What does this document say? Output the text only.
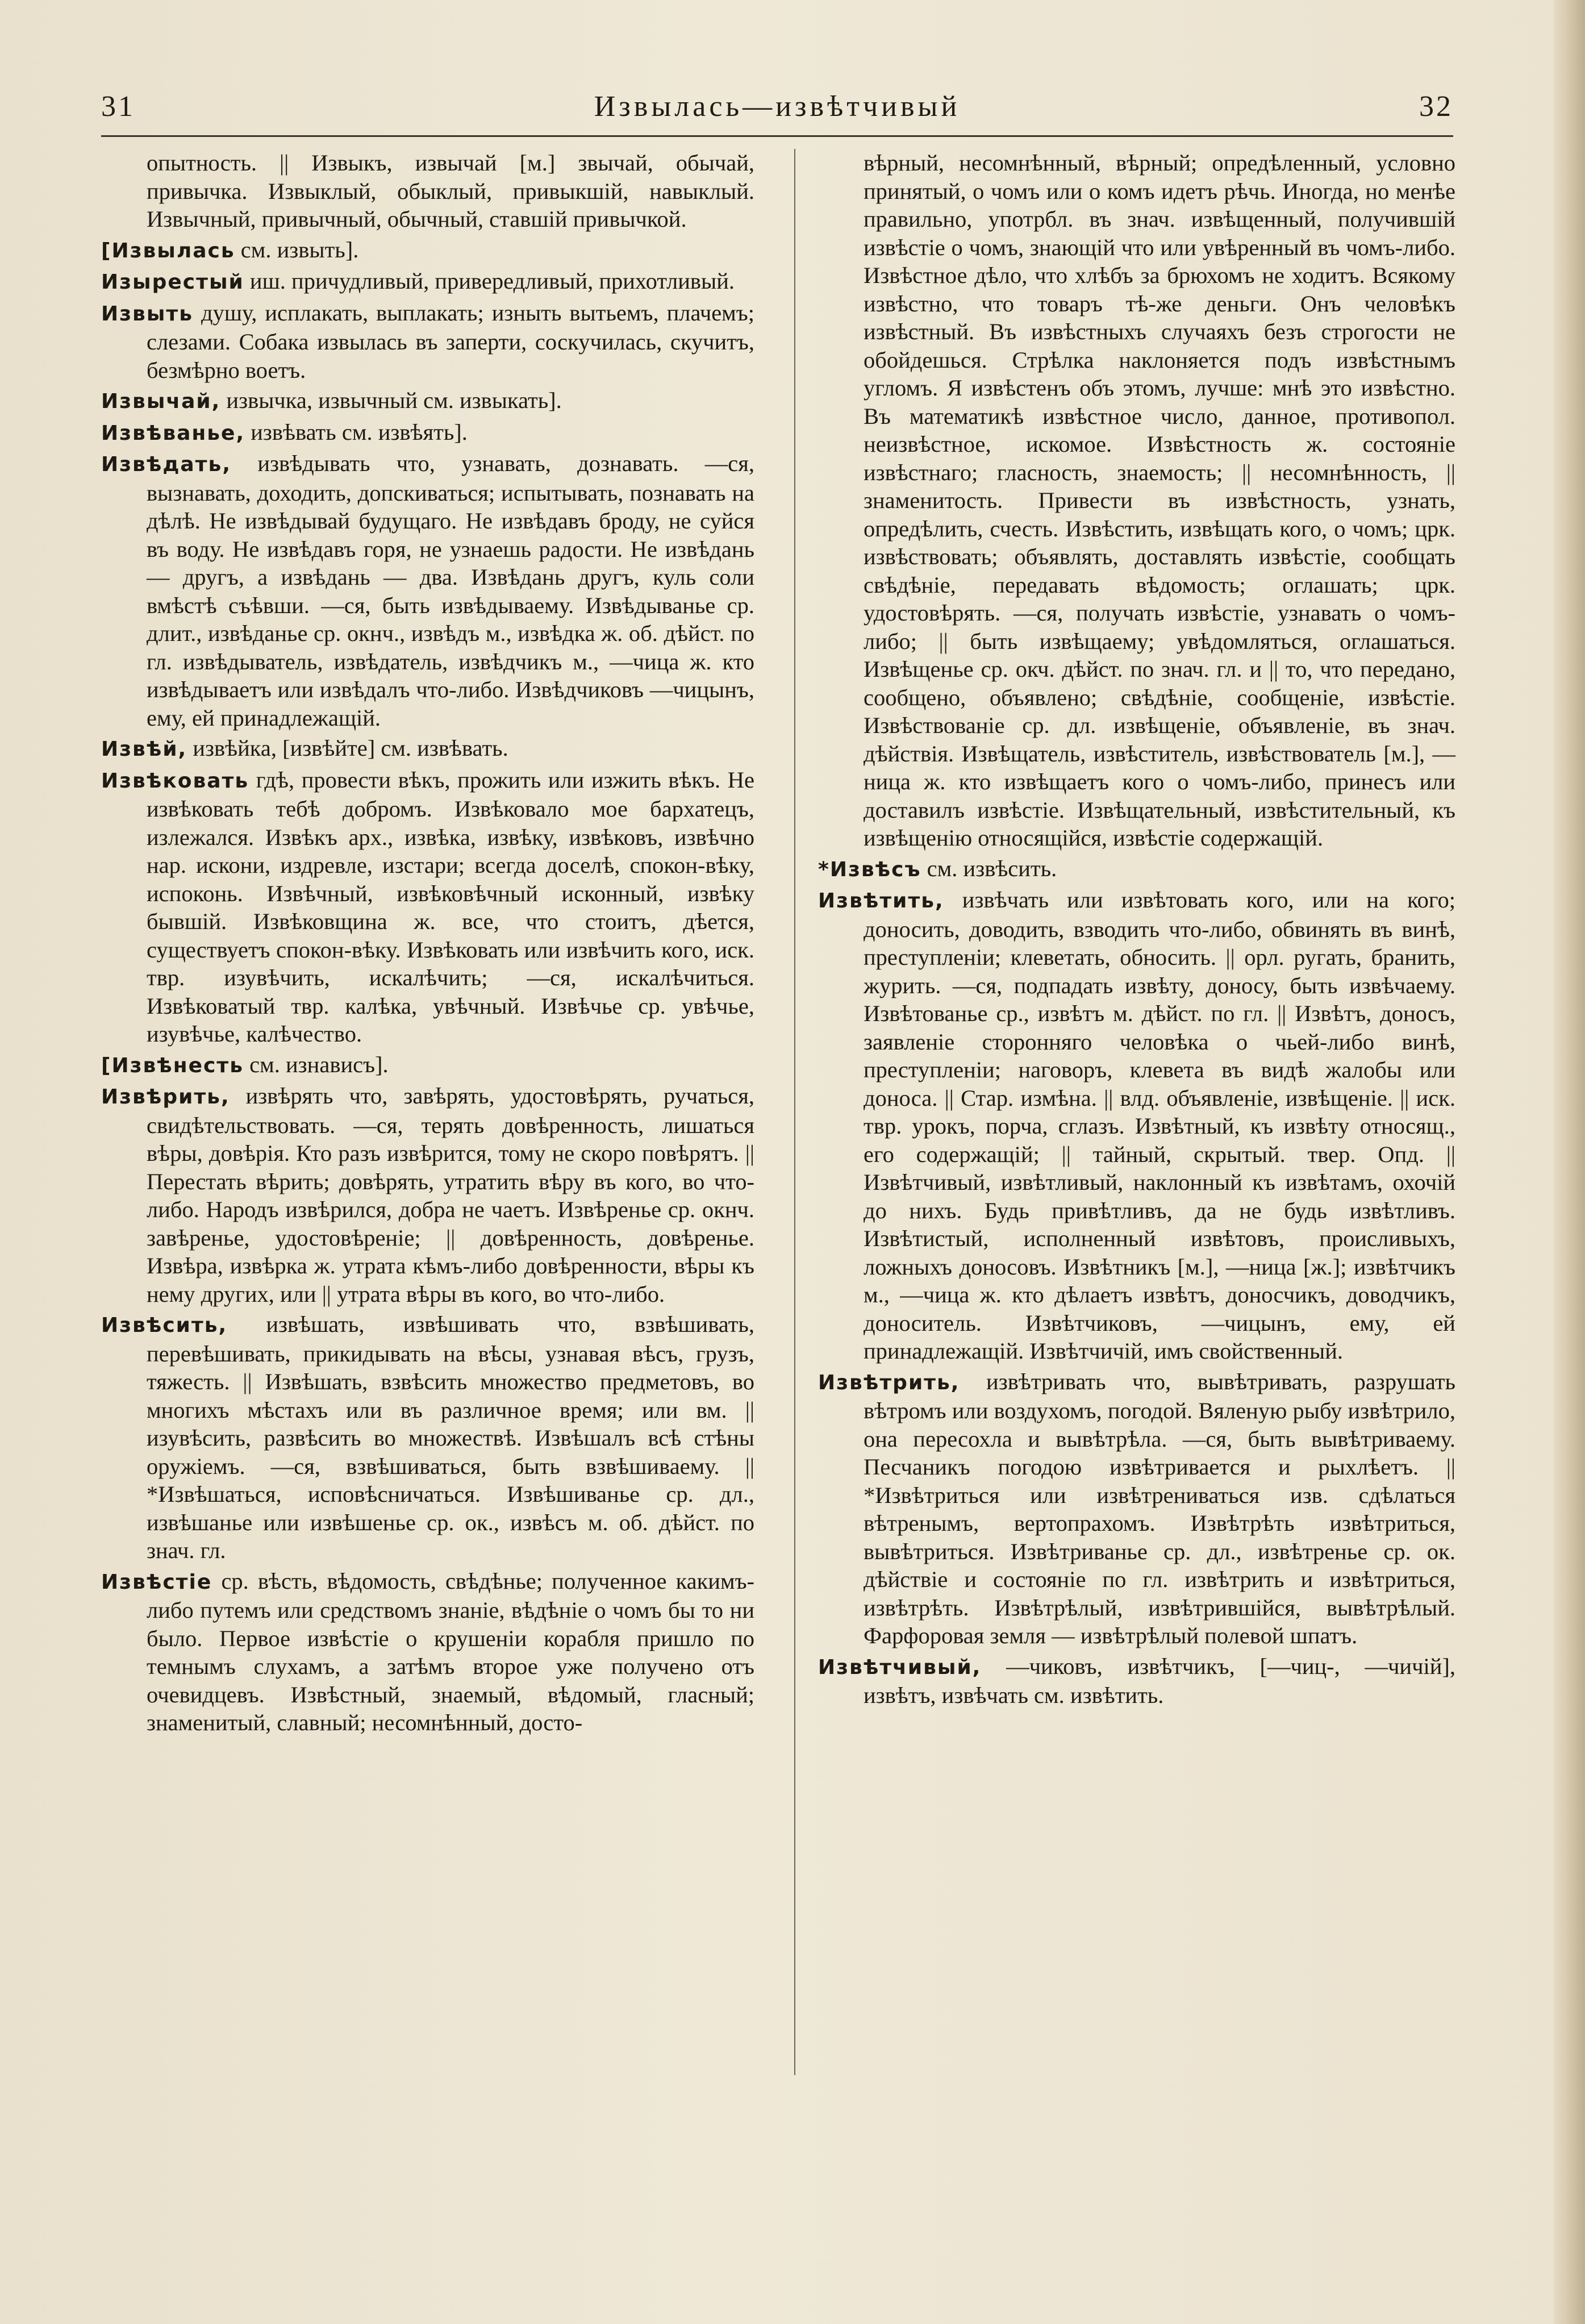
31	Извылась—извѣтчивый	32
опытность. || Извыкъ, извычай [м.] звычай, обычай, привычка. Извыклый, обыклый, привыкшій, навыклый. Извычный, привычный, обычный, ставшій привычкой.
[Извылась см. извыть].
Изырестый иш. причудливый, привередливый, прихотливый.
Извыть душу, исплакать, выплакать; изныть вытьемъ, плачемъ; слезами. Собака извылась въ заперти, соскучилась, скучитъ, безмѣрно воетъ.
Извычай, извычка, извычный см. извыкать].
Извѣванье, извѣвать см. извѣять].
Извѣдать, извѣдывать что, узнавать, дознавать. —ся, вызнавать, доходить, допскиваться; испытывать, познавать на дѣлѣ. Не извѣдывай будущаго. Не извѣдавъ броду, не суйся въ воду. Не извѣдавъ горя, не узнаешь радости. Не извѣдань — другъ, а извѣдань — два. Извѣдань другъ, куль соли вмѣстѣ съѣвши. —ся, быть извѣдываему. Извѣдыванье ср. длит., извѣданье ср. окнч., извѣдъ м., извѣдка ж. об. дѣйст. по гл. извѣдыватель, извѣдатель, извѣдчикъ м., —чица ж. кто извѣдываетъ или извѣдалъ что-либо. Извѣдчиковъ —чицынъ, ему, ей принадлежащій.
Извѣй, извѣйка, [извѣйте] см. извѣвать.
Извѣковать гдѣ, провести вѣкъ, прожить или изжить вѣкъ. Не извѣковать тебѣ добромъ. Извѣковало мое бархатецъ, излежался. Извѣкъ арх., извѣка, извѣку, извѣковъ, извѣчно нар. искони, издревле, изстари; всегда доселѣ, спокон-вѣку, испоконь. Извѣчный, извѣковѣчный исконный, извѣку бывшій. Извѣковщина ж. все, что стоитъ, дѣется, существуетъ спокон-вѣку. Извѣковать или извѣчить кого, иск. твр. изувѣчить, искалѣчить; —ся, искалѣчиться. Извѣковатый твр. калѣка, увѣчный. Извѣчье ср. увѣчье, изувѣчье, калѣчество.
[Извѣнесть см. изнависъ].
Извѣрить, извѣрять что, завѣрять, удостовѣрять, ручаться, свидѣтельствовать. —ся, терять довѣренность, лишаться вѣры, довѣрія. Кто разъ извѣрится, тому не скоро повѣрятъ. || Перестать вѣрить; довѣрять, утратить вѣру въ кого, во что-либо. Народъ извѣрился, добра не чаетъ. Извѣренье ср. окнч. завѣренье, удостовѣреніе; || довѣренность, довѣренье. Извѣра, извѣрка ж. утрата кѣмъ-либо довѣренности, вѣры къ нему других, или || утрата вѣры въ кого, во что-либо.
Извѣсить, извѣшать, извѣшивать что, взвѣшивать, перевѣшивать, прикидывать на вѣсы, узнавая вѣсъ, грузъ, тяжесть. || Извѣшать, взвѣсить множество предметовъ, во многихъ мѣстахъ или въ различное время; или вм. || изувѣсить, развѣсить во множествѣ. Извѣшалъ всѣ стѣны оружіемъ. —ся, взвѣшиваться, быть взвѣшиваему. || *Извѣшаться, исповѣсничаться. Извѣшиванье ср. дл., извѣшанье или извѣшенье ср. ок., извѣсъ м. об. дѣйст. по знач. гл.
Извѣстіе ср. вѣсть, вѣдомость, свѣдѣнье; полученное какимъ-либо путемъ или средствомъ знаніе, вѣдѣніе о чомъ бы то ни было. Первое извѣстіе о крушеніи корабля пришло по темнымъ слухамъ, а затѣмъ второе уже получено отъ очевидцевъ. Извѣстный, знаемый, вѣдомый, гласный; знаменитый, славный; несомнѣнный, досто-
вѣрный, несомнѣнный, вѣрный; опредѣленный, условно принятый, о чомъ или о комъ идетъ рѣчь. Иногда, но менѣе правильно, употрбл. въ знач. извѣщенный, получившій извѣстіе о чомъ, знающій что или увѣренный въ чомъ-либо. Извѣстное дѣло, что хлѣбъ за брюхомъ не ходитъ. Всякому извѣстно, что товаръ тѣ-же деньги. Онъ человѣкъ извѣстный. Въ извѣстныхъ случаяхъ безъ строгости не обойдешься. Стрѣлка наклоняется подъ извѣстнымъ угломъ. Я извѣстенъ объ этомъ, лучше: мнѣ это извѣстно. Въ математикѣ извѣстное число, данное, противопол. неизвѣстное, искомое. Извѣстность ж. состояніе извѣстнаго; гласность, знаемость; || несомнѣнность, || знаменитость. Привести въ извѣстность, узнать, опредѣлить, счесть. Извѣстить, извѣщать кого, о чомъ; црк. извѣствовать; объявлять, доставлять извѣстіе, сообщать свѣдѣніе, передавать вѣдомость; оглашать; црк. удостовѣрять. —ся, получать извѣстіе, узнавать о чомъ-либо; || быть извѣщаему; увѣдомляться, оглашаться. Извѣщенье ср. окч. дѣйст. по знач. гл. и || то, что передано, сообщено, объявлено; свѣдѣніе, сообщеніе, извѣстіе. Извѣствованіе ср. дл. извѣщеніе, объявленіе, въ знач. дѣйствія. Извѣщатель, извѣститель, извѣствователь [м.], —ница ж. кто извѣщаетъ кого о чомъ-либо, принесъ или доставилъ извѣстіе. Извѣщательный, извѣстительный, къ извѣщенію относящійся, извѣстіе содержащій.
*Извѣсъ см. извѣсить.
Извѣтить, извѣчать или извѣтовать кого, или на кого; доносить, доводить, взводить что-либо, обвинять въ винѣ, преступленіи; клеветать, обносить. || орл. ругать, бранить, журить. —ся, подпадать извѣту, доносу, быть извѣчаему. Извѣтованье ср., извѣтъ м. дѣйст. по гл. || Извѣтъ, доносъ, заявленіе сторонняго человѣка о чьей-либо винѣ, преступленіи; наговоръ, клевета въ видѣ жалобы или доноса. || Стар. измѣна. || влд. объявленіе, извѣщеніе. || иск. твр. урокъ, порча, сглазъ. Извѣтный, къ извѣту относящ., его содержащій; || тайный, скрытый. твер. Опд. || Извѣтчивый, извѣтливый, наклонный къ извѣтамъ, охочій до нихъ. Будь привѣтливъ, да не будь извѣтливъ. Извѣтистый, исполненный извѣтовъ, происливыхъ, ложныхъ доносовъ. Извѣтникъ [м.], —ница [ж.]; извѣтчикъ м., —чица ж. кто дѣлаетъ извѣтъ, доносчикъ, доводчикъ, доноситель. Извѣтчиковъ, —чицынъ, ему, ей принадлежащій. Извѣтчичій, имъ свойственный.
Извѣтрить, извѣтривать что, вывѣтривать, разрушать вѣтромъ или воздухомъ, погодой. Вяленую рыбу извѣтрило, она пересохла и вывѣтрѣла. —ся, быть вывѣтриваему. Песчаникъ погодою извѣтривается и рыхлѣетъ. || *Извѣтриться или извѣтрениваться изв. сдѣлаться вѣтренымъ, вертопрахомъ. Извѣтрѣть извѣтриться, вывѣтриться. Извѣтриванье ср. дл., извѣтренье ср. ок. дѣйствіе и состояніе по гл. извѣтрить и извѣтриться, извѣтрѣть. Извѣтрѣлый, извѣтрившійся, вывѣтрѣлый. Фарфоровая земля — извѣтрѣлый полевой шпатъ.
Извѣтчивый, —чиковъ, извѣтчикъ, [—чиц-, —чичій], извѣтъ, извѣчать см. извѣтить.
